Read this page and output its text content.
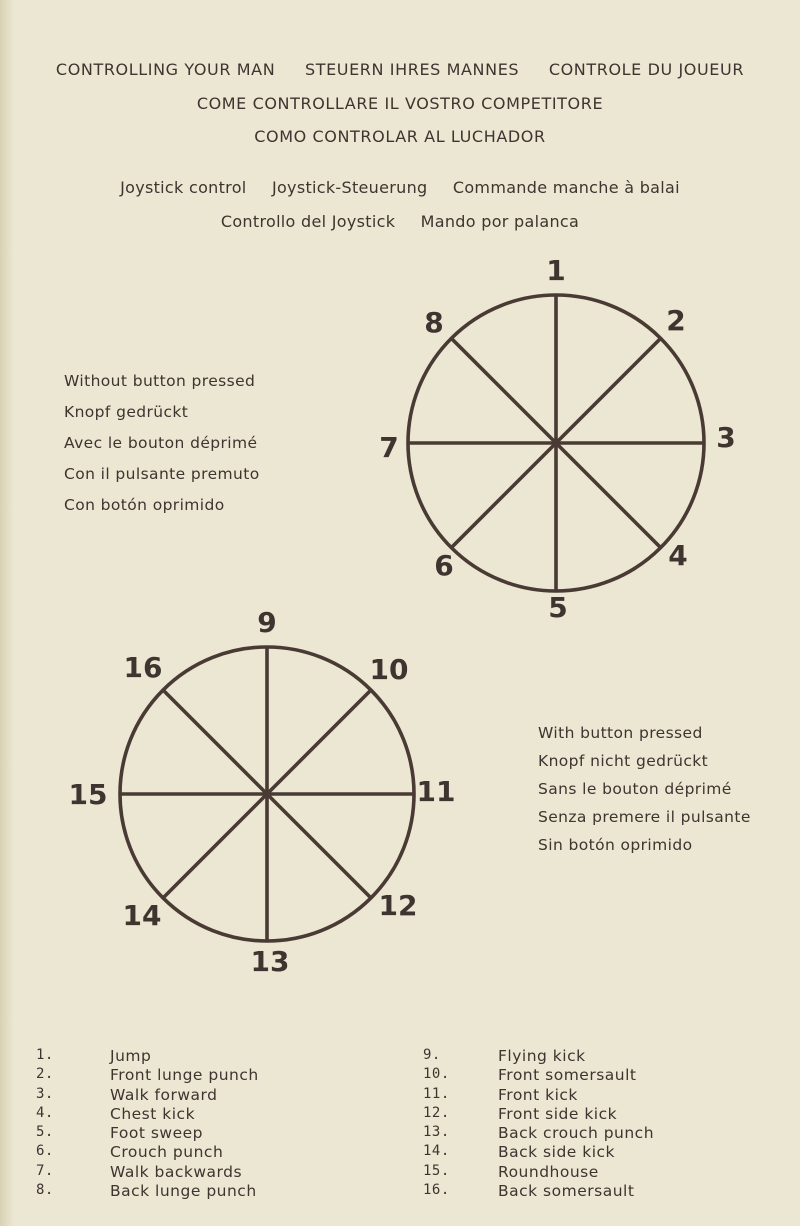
CONTROLLING YOUR MAN STEUERN IHRES MANNES CONTROLE DU JOUEUR
COME CONTROLLARE IL VOSTRO COMPETITORE
COMO CONTROLAR AL LUCHADOR
Joystick control Joystick-Steuerung Commande manche à balai
Controllo del Joystick Mando por palanca
Without button pressed
Knopf gedrückt
Avec le bouton déprimé
Con il pulsante premuto
Con botón oprimido
1
2
3
4
5
6
7
8
9
10
11
12
13
14
15
16
With button pressed
Knopf nicht gedrückt
Sans le bouton déprimé
Senza premere il pulsante
Sin botón oprimido
1.	Jump
2.	Front lunge punch
3.	Walk forward
4.	Chest kick
5.	Foot sweep
6.	Crouch punch
7.	Walk backwards
8.	Back lunge punch
9.	Flying kick
10.	Front somersault
11.	Front kick
12.	Front side kick
13.	Back crouch punch
14.	Back side kick
15.	Roundhouse
16.	Back somersault
